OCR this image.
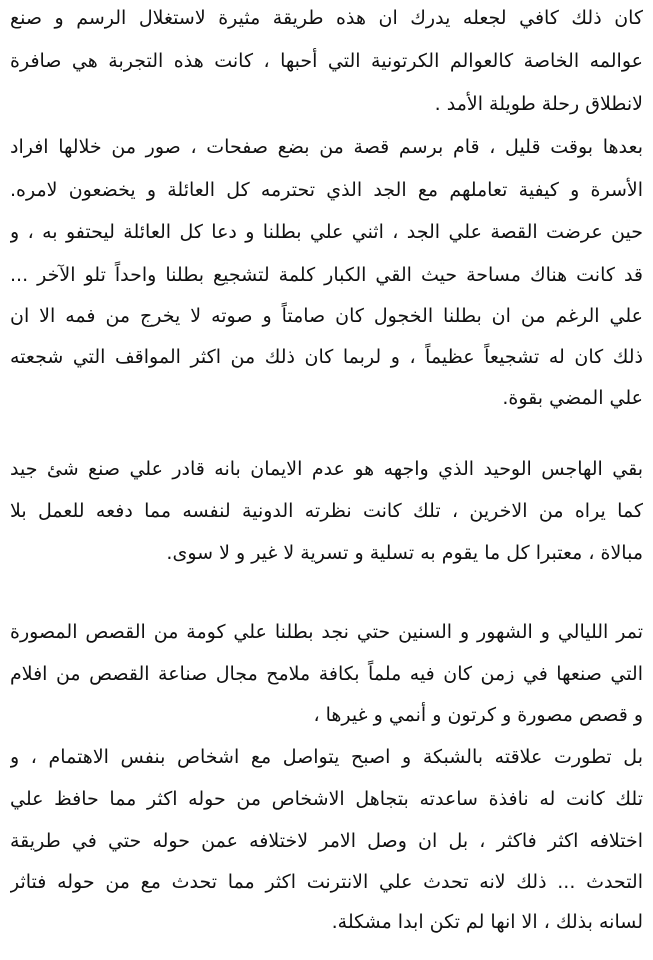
كان ذلك كافي لجعله يدرك ان هذه طريقة مثيرة لاستغلال الرسم و صنع
عوالمه الخاصة كالعوالم الكرتونية التي أحبها ، كانت هذه التجربة هي صافرة
لانطلاق رحلة طويلة الأمد .
بعدها بوقت قليل ، قام برسم قصة من بضع صفحات ، صور من خلالها افراد
الأسرة و كيفية تعاملهم مع الجد الذي تحترمه كل العائلة و يخضعون لامره.
حين عرضت القصة علي الجد ، اثني علي بطلنا و دعا كل العائلة ليحتفو به ، و
قد كانت هناك مساحة حيث القي الكبار كلمة لتشجيع بطلنا واحداً تلو الآخر ...
علي الرغم من ان بطلنا الخجول كان صامتاً و صوته لا يخرج من فمه الا ان
ذلك كان له تشجيعاً عظيماً ، و لربما كان ذلك من اكثر المواقف التي شجعته
علي المضي بقوة.
بقي الهاجس الوحيد الذي واجهه هو عدم الايمان بانه قادر علي صنع شئ جيد
كما يراه من الاخرين ، تلك كانت نظرته الدونية لنفسه مما دفعه للعمل بلا
مبالاة ، معتبرا كل ما يقوم به تسلية و تسرية لا غير و لا سوى.
تمر الليالي و الشهور و السنين حتي نجد بطلنا علي كومة من القصص المصورة
التي صنعها في زمن كان فيه ملماً بكافة ملامح مجال صناعة القصص من افلام
و قصص مصورة و كرتون و أنمي و غيرها ،
بل تطورت علاقته بالشبكة و اصبح يتواصل مع اشخاص بنفس الاهتمام ، و
تلك كانت له نافذة ساعدته بتجاهل الاشخاص من حوله اكثر مما حافظ علي
اختلافه اكثر فاكثر ، بل ان وصل الامر لاختلافه عمن حوله حتي في طريقة
التحدث ... ذلك لانه تحدث علي الانترنت اكثر مما تحدث مع من حوله فتاثر
لسانه بذلك ، الا انها لم تكن ابدا مشكلة.
